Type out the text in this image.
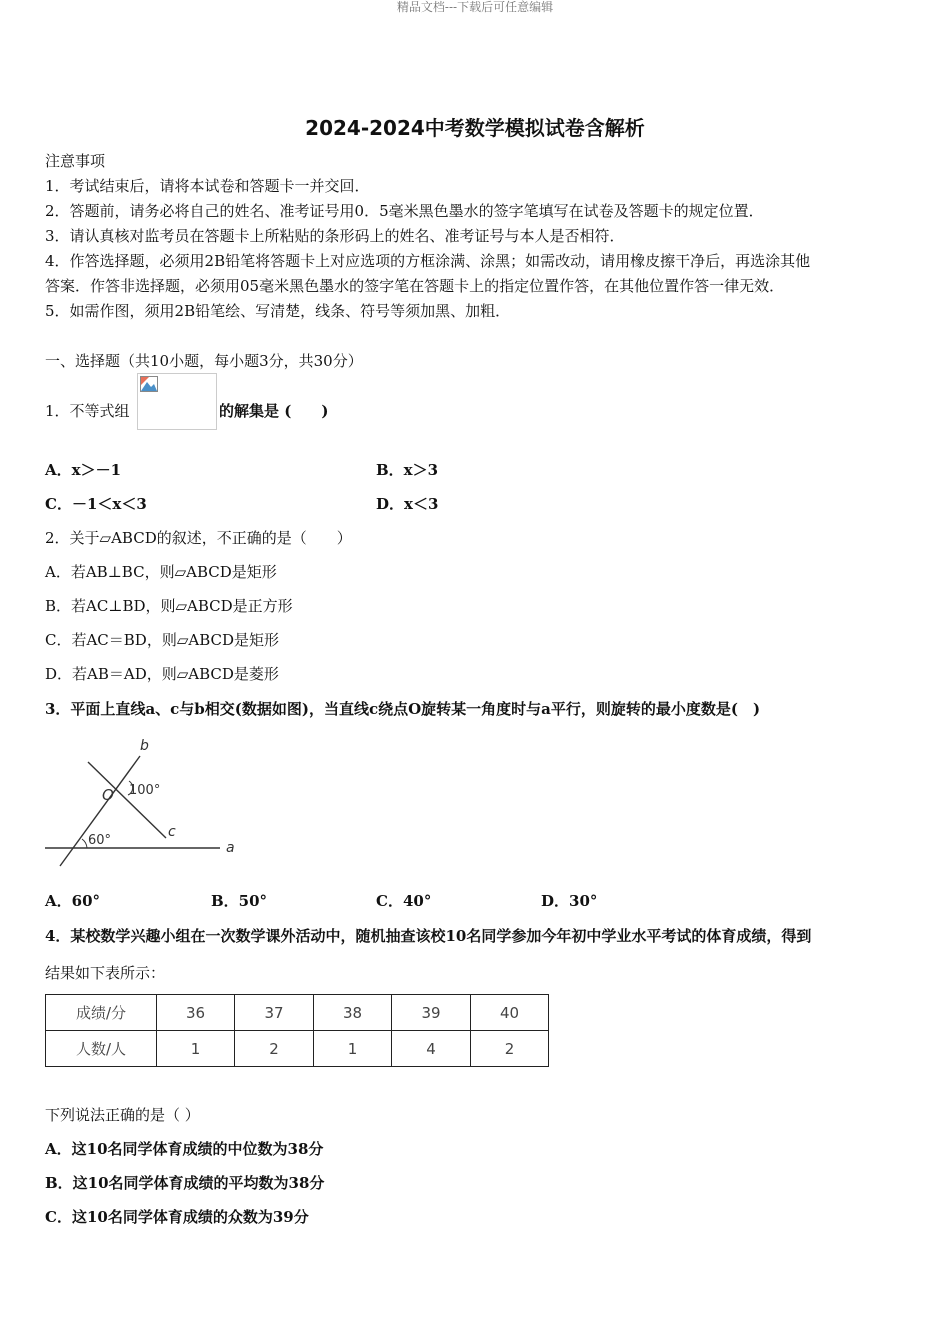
精品文档---下载后可任意编辑
2024-2024中考数学模拟试卷含解析
注意事项
1．考试结束后，请将本试卷和答题卡一并交回．
2．答题前，请务必将自己的姓名、准考证号用0．5毫米黑色墨水的签字笔填写在试卷及答题卡的规定位置．
3．请认真核对监考员在答题卡上所粘贴的条形码上的姓名、准考证号与本人是否相符．
4．作答选择题，必须用2B铅笔将答题卡上对应选项的方框涂满、涂黑；如需改动，请用橡皮擦干净后，再选涂其他
答案．作答非选择题，必须用05毫米黑色墨水的签字笔在答题卡上的指定位置作答，在其他位置作答一律无效．
5．如需作图，须用2B铅笔绘、写清楚，线条、符号等须加黑、加粗．
一、选择题（共10小题，每小题3分，共30分）
1．不等式组	的解集是 (　　)
A．x＞－1	B．x＞3
C．－1＜x＜3	D．x＜3
2．关于▱ABCD的叙述，不正确的是（　　）
A．若AB⊥BC，则▱ABCD是矩形
B．若AC⊥BD，则▱ABCD是正方形
C．若AC＝BD，则▱ABCD是矩形
D．若AB＝AD，则▱ABCD是菱形
3．平面上直线a、c与b相交(数据如图)，当直线c绕点O旋转某一角度时与a平行，则旋转的最小度数是(　)
b
O 100°
c
60°	a
A．60°	B．50°	C．40°	D．30°
4．某校数学兴趣小组在一次数学课外活动中，随机抽查该校10名同学参加今年初中学业水平考试的体育成绩，得到
结果如下表所示：
成绩/分	36	37	38	39	40
人数/人	1	2	1	4	2
下列说法正确的是（ ）
A．这10名同学体育成绩的中位数为38分
B．这10名同学体育成绩的平均数为38分
C．这10名同学体育成绩的众数为39分
